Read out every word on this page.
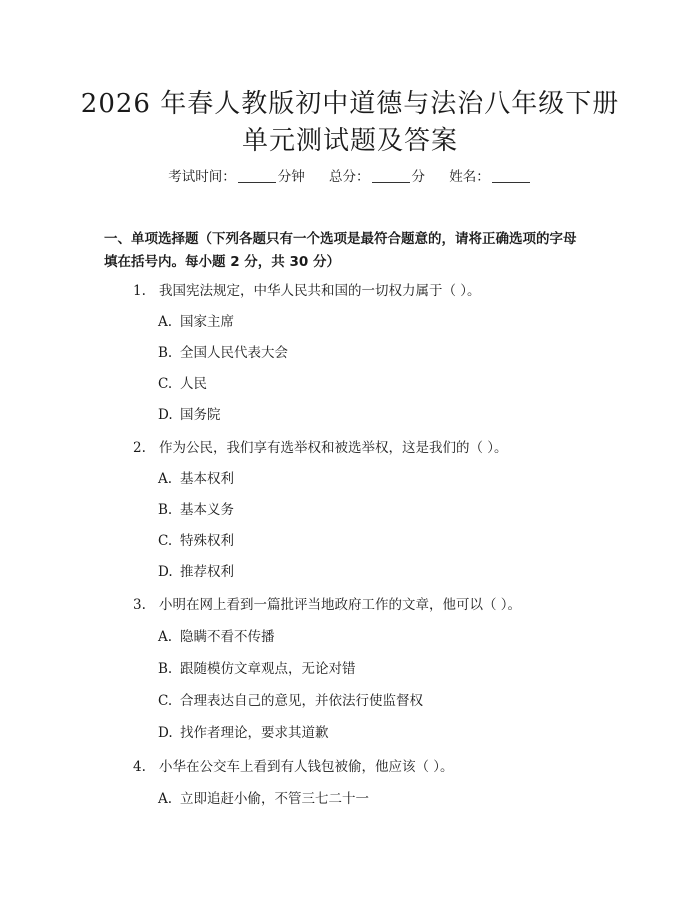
2026 年春人教版初中道德与法治八年级下册
单元测试题及答案
考试时间：	分钟 总分：	分 姓名：
一、单项选择题（下列各题只有一个选项是最符合题意的，请将正确选项的字母
填在括号内。每小题 2 分，共 30 分）
1. 我国宪法规定，中华人民共和国的一切权力属于（ ）。
A. 国家主席
B. 全国人民代表大会
C. 人民
D. 国务院
2. 作为公民，我们享有选举权和被选举权，这是我们的（ ）。
A. 基本权利
B. 基本义务
C. 特殊权利
D. 推荐权利
3. 小明在网上看到一篇批评当地政府工作的文章，他可以（ ）。
A. 隐瞒不看不传播
B. 跟随模仿文章观点，无论对错
C. 合理表达自己的意见，并依法行使监督权
D. 找作者理论，要求其道歉
4. 小华在公交车上看到有人钱包被偷，他应该（ ）。
A. 立即追赶小偷，不管三七二十一
